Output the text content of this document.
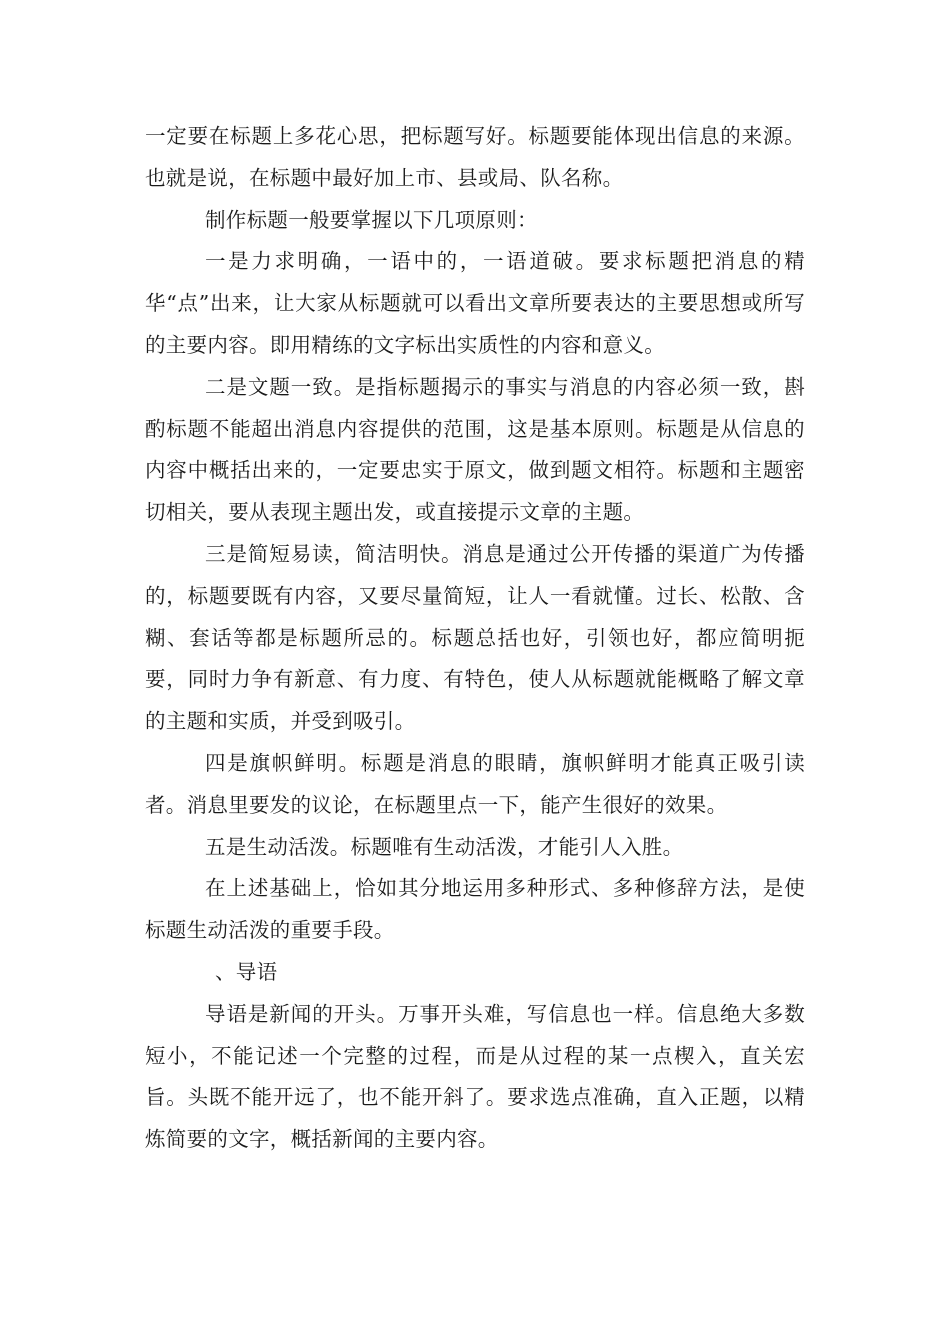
一定要在标题上多花心思，把标题写好。标题要能体现出信息的来源。也就是说，在标题中最好加上市、县或局、队名称。

制作标题一般要掌握以下几项原则：

一是力求明确，一语中的，一语道破。要求标题把消息的精华“点”出来，让大家从标题就可以看出文章所要表达的主要思想或所写的主要内容。即用精练的文字标出实质性的内容和意义。

二是文题一致。是指标题揭示的事实与消息的内容必须一致，斟酌标题不能超出消息内容提供的范围，这是基本原则。标题是从信息的内容中概括出来的，一定要忠实于原文，做到题文相符。标题和主题密切相关，要从表现主题出发，或直接提示文章的主题。

三是简短易读，简洁明快。消息是通过公开传播的渠道广为传播的，标题要既有内容，又要尽量简短，让人一看就懂。过长、松散、含糊、套话等都是标题所忌的。标题总括也好，引领也好，都应简明扼要，同时力争有新意、有力度、有特色，使人从标题就能概略了解文章的主题和实质，并受到吸引。

四是旗帜鲜明。标题是消息的眼睛，旗帜鲜明才能真正吸引读者。消息里要发的议论，在标题里点一下，能产生很好的效果。

五是生动活泼。标题唯有生动活泼，才能引人入胜。

在上述基础上，恰如其分地运用多种形式、多种修辞方法，是使标题生动活泼的重要手段。

、导语

导语是新闻的开头。万事开头难，写信息也一样。信息绝大多数短小，不能记述一个完整的过程，而是从过程的某一点楔入，直关宏旨。头既不能开远了，也不能开斜了。要求选点准确，直入正题，以精炼简要的文字，概括新闻的主要内容。
